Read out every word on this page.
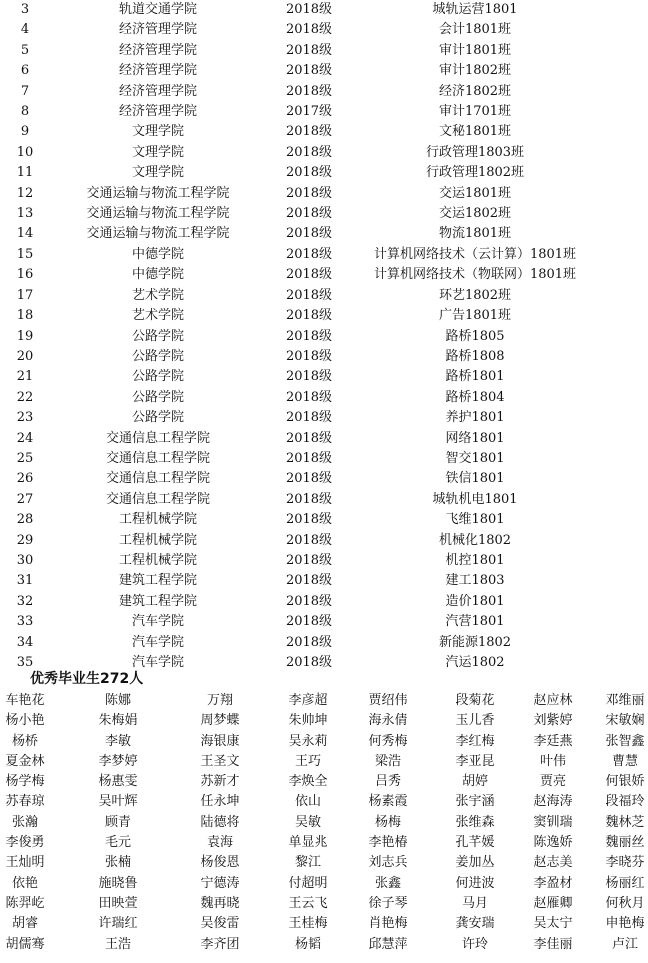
3	轨道交通学院	2018级	城轨运营1801
4	经济管理学院	2018级	会计1801班
5	经济管理学院	2018级	审计1801班
6	经济管理学院	2018级	审计1802班
7	经济管理学院	2018级	经济1802班
8	经济管理学院	2017级	审计1701班
9	文理学院	2018级	文秘1801班
10	文理学院	2018级	行政管理1803班
11	文理学院	2018级	行政管理1802班
12	交通运输与物流工程学院	2018级	交运1801班
13	交通运输与物流工程学院	2018级	交运1802班
14	交通运输与物流工程学院	2018级	物流1801班
15	中德学院	2018级	计算机网络技术（云计算）1801班
16	中德学院	2018级	计算机网络技术（物联网）1801班
17	艺术学院	2018级	环艺1802班
18	艺术学院	2018级	广告1801班
19	公路学院	2018级	路桥1805
20	公路学院	2018级	路桥1808
21	公路学院	2018级	路桥1801
22	公路学院	2018级	路桥1804
23	公路学院	2018级	养护1801
24	交通信息工程学院	2018级	网络1801
25	交通信息工程学院	2018级	智交1801
26	交通信息工程学院	2018级	铁信1801
27	交通信息工程学院	2018级	城轨机电1801
28	工程机械学院	2018级	飞维1801
29	工程机械学院	2018级	机械化1802
30	工程机械学院	2018级	机控1801
31	建筑工程学院	2018级	建工1803
32	建筑工程学院	2018级	造价1801
33	汽车学院	2018级	汽营1801
34	汽车学院	2018级	新能源1802
35	汽车学院	2018级	汽运1802
优秀毕业生272人
车艳花	陈娜	万翔	李彦超	贾绍伟	段菊花	赵应林	邓维丽
杨小艳	朱梅娟	周梦蝶	朱帅坤	海永倩	玉儿香	刘紫婷	宋敏娴
杨桥	李敏	海银康	吴永莉	何秀梅	李红梅	李廷燕	张智鑫
夏金林	李梦婷	王圣文	王巧	梁浩	李亚昆	叶伟	曹慧
杨学梅	杨惠雯	苏新才	李焕全	吕秀	胡婷	贾亮	何银娇
苏春琼	吴叶辉	任永坤	依山	杨素霞	张宇涵	赵海涛	段福玲
张瀚	顾青	陆德将	吴敏	杨梅	张维森	窦钏瑞	魏林芝
李俊勇	毛元	袁海	单显兆	李艳椿	孔芊媛	陈逸娇	魏丽丝
王灿明	张楠	杨俊恩	黎江	刘志兵	姜加丛	赵志美	李晓芬
依艳	施晓鲁	宁德涛	付超明	张鑫	何进波	李盈材	杨丽红
陈羿屹	田映萱	魏再晓	王云飞	徐子琴	马月	赵雁卿	何秋月
胡睿	许瑞红	吴俊雷	王桂梅	肖艳梅	龚安瑞	吴太宁	申艳梅
胡儒骞	王浩	李齐团	杨韬	邱慧萍	许玲	李佳丽	卢江
